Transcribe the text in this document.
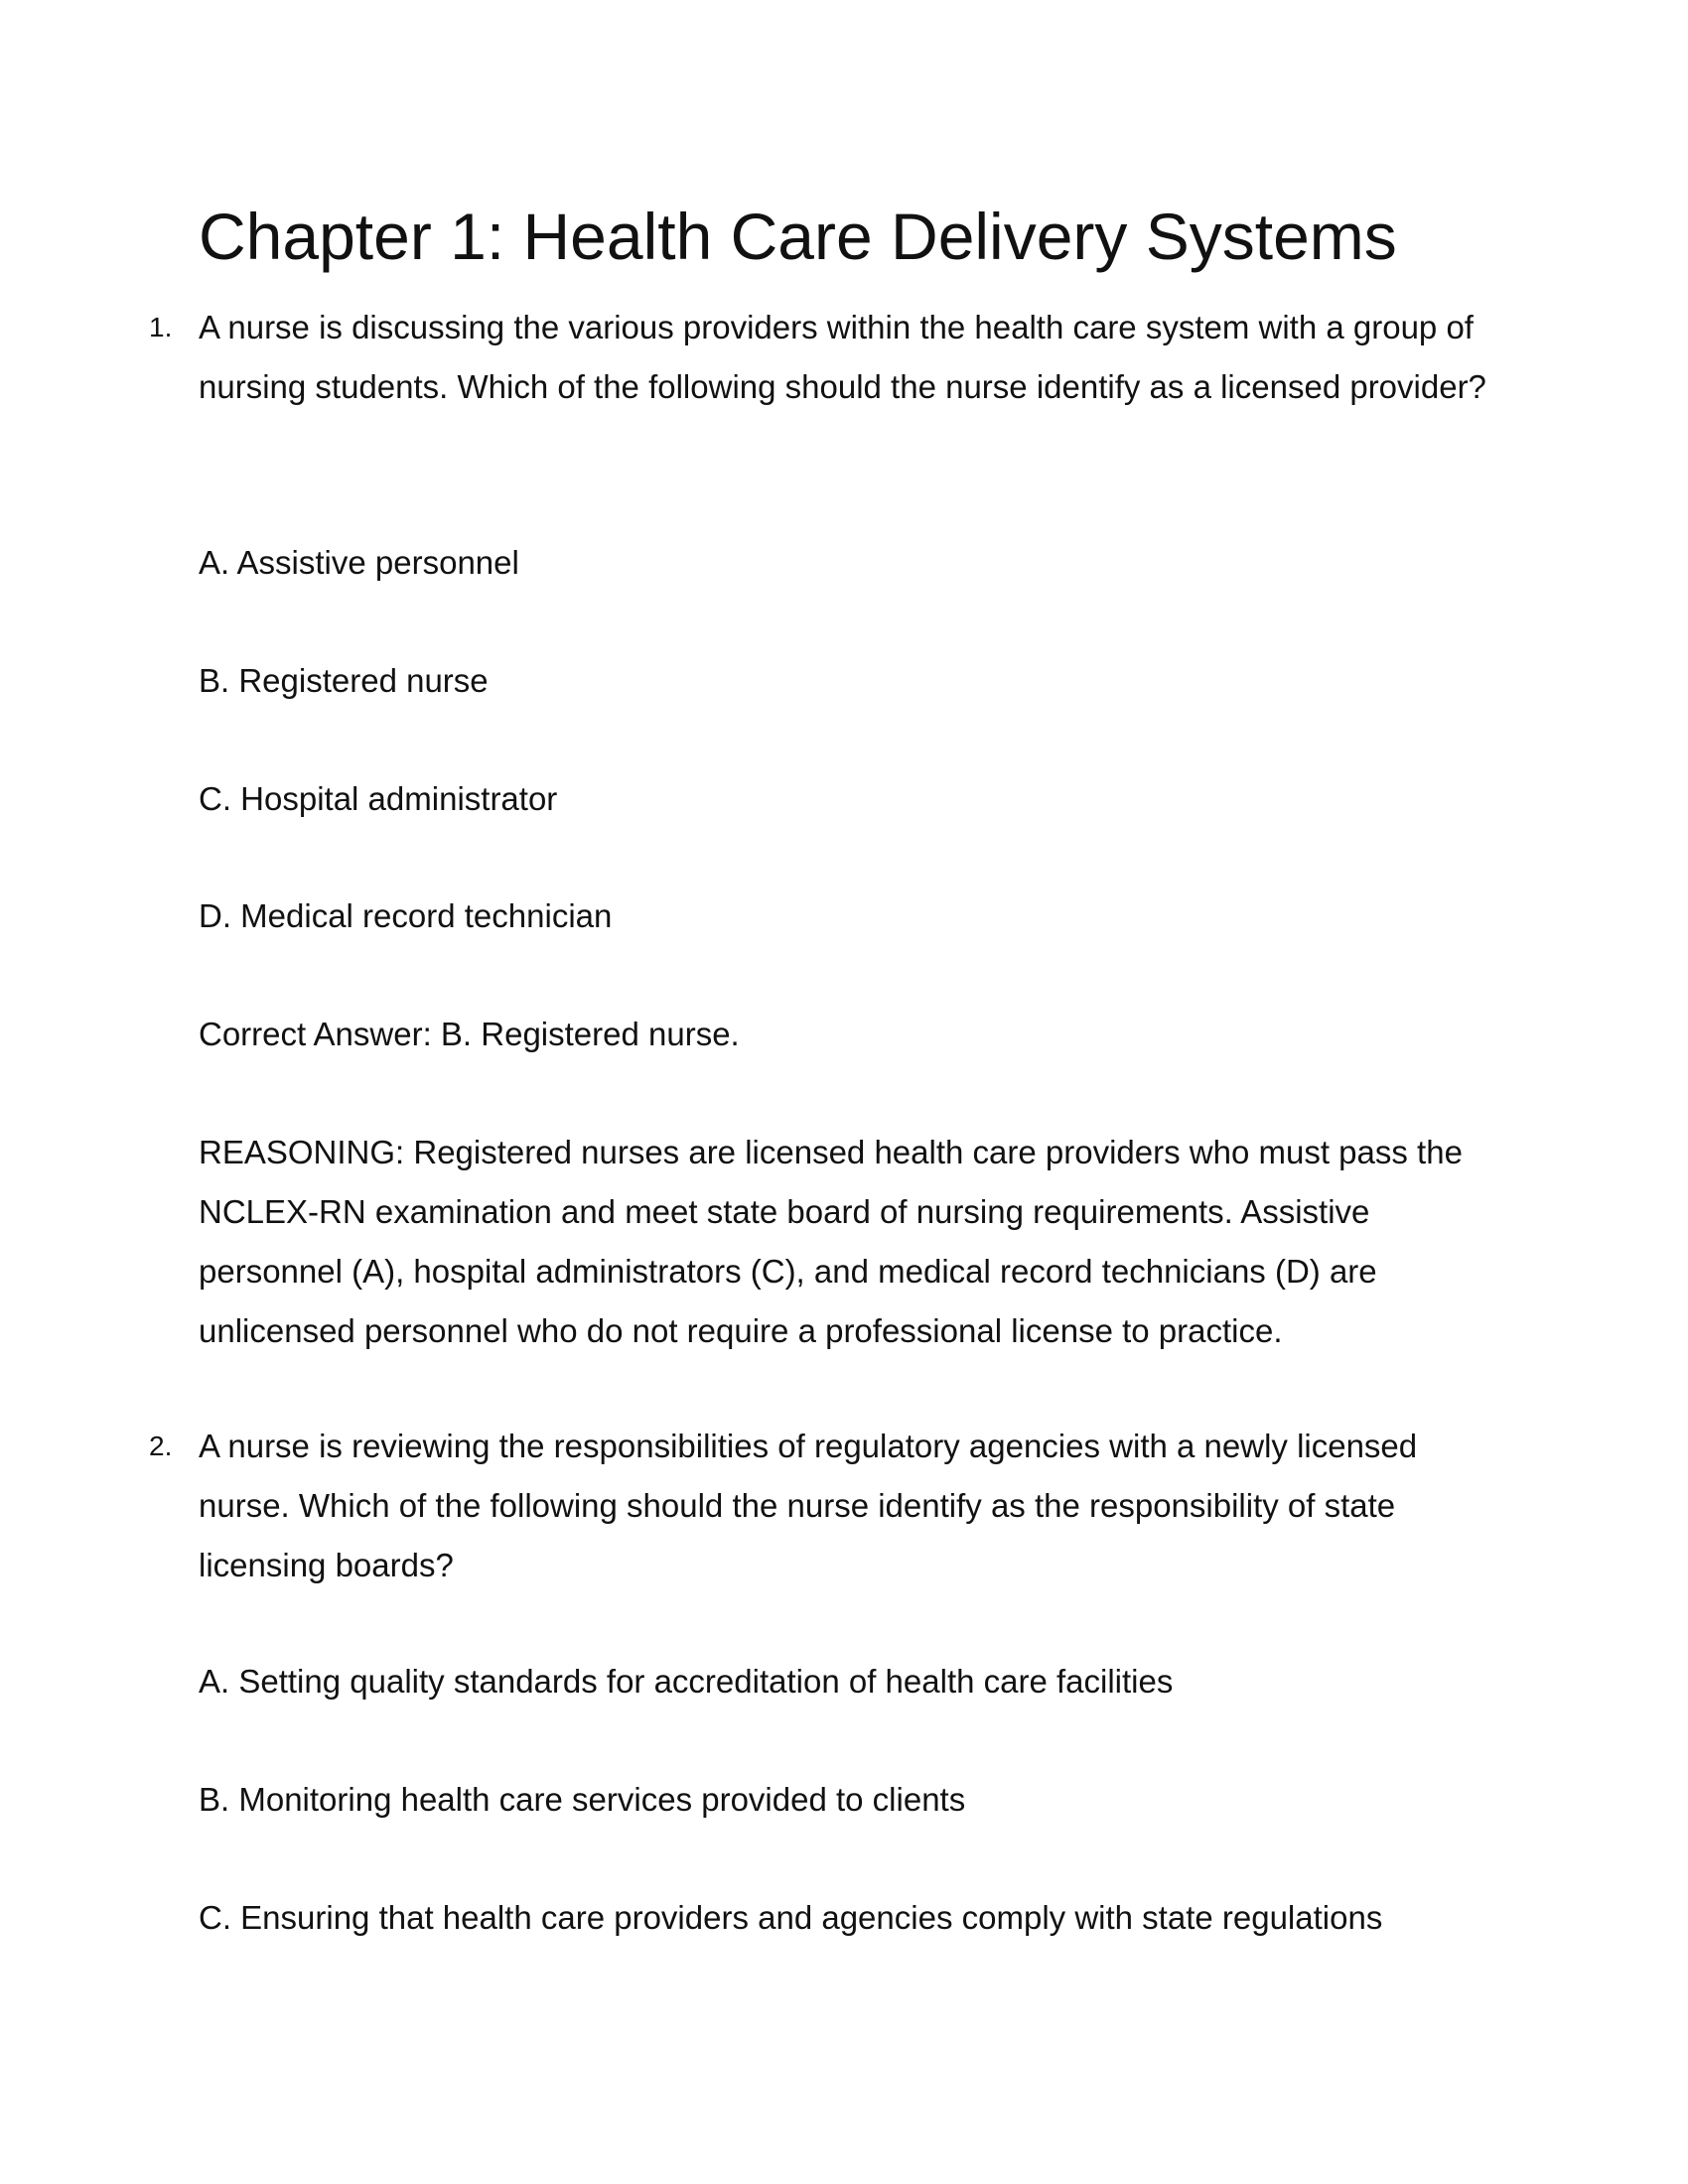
Chapter 1: Health Care Delivery Systems
1. A nurse is discussing the various providers within the health care system with a group of nursing students. Which of the following should the nurse identify as a licensed provider?

A. Assistive personnel

B. Registered nurse

C. Hospital administrator

D. Medical record technician

Correct Answer: B. Registered nurse.

REASONING: Registered nurses are licensed health care providers who must pass the NCLEX-RN examination and meet state board of nursing requirements. Assistive personnel (A), hospital administrators (C), and medical record technicians (D) are unlicensed personnel who do not require a professional license to practice.

2. A nurse is reviewing the responsibilities of regulatory agencies with a newly licensed nurse. Which of the following should the nurse identify as the responsibility of state licensing boards?

A. Setting quality standards for accreditation of health care facilities

B. Monitoring health care services provided to clients

C. Ensuring that health care providers and agencies comply with state regulations
